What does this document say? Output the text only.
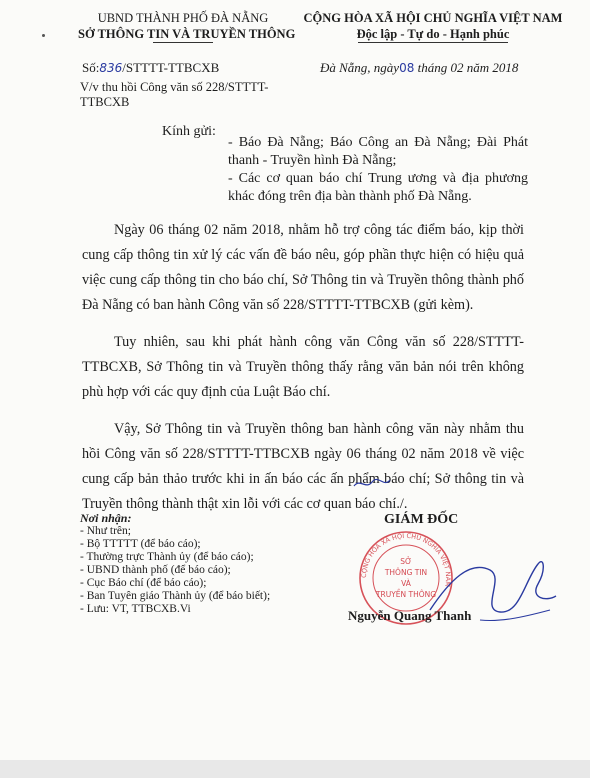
UBND THÀNH PHỐ ĐÀ NẴNG
SỞ THÔNG TIN VÀ TRUYỀN THÔNG
CỘNG HÒA XÃ HỘI CHỦ NGHĨA VIỆT NAM
Độc lập - Tự do - Hạnh phúc
Số:836/STTTT-TTBCXB	Đà Nẵng, ngày08 tháng 02 năm 2018
V/v thu hồi Công văn số 228/STTTT-TTBCXB
Kính gửi:

- Báo Đà Nẵng; Báo Công an Đà Nẵng; Đài Phát thanh - Truyền hình Đà Nẵng;

- Các cơ quan báo chí Trung ương và địa phương khác đóng trên địa bàn thành phố Đà Nẵng.

Ngày 06 tháng 02 năm 2018, nhằm hỗ trợ công tác điểm báo, kịp thời cung cấp thông tin xử lý các vấn đề báo nêu, góp phần thực hiện có hiệu quả việc cung cấp thông tin cho báo chí, Sở Thông tin và Truyền thông thành phố Đà Nẵng có ban hành Công văn số 228/STTTT-TTBCXB (gửi kèm).

Tuy nhiên, sau khi phát hành công văn Công văn số 228/STTTT-TTBCXB, Sở Thông tin và Truyền thông thấy rằng văn bản nói trên không phù hợp với các quy định của Luật Báo chí.

Vậy, Sở Thông tin và Truyền thông ban hành công văn này nhằm thu hồi Công văn số 228/STTTT-TTBCXB ngày 06 tháng 02 năm 2018 về việc cung cấp bản thảo trước khi in ấn báo các ấn phẩm báo chí; Sở thông tin và Truyền thông thành thật xin lỗi với các cơ quan báo chí./.

Nơi nhận:
- Như trên;
- Bộ TTTTT (để báo cáo);
- Thường trực Thành ủy (để báo cáo);
- UBND thành phố (để báo cáo);
- Cục Báo chí (để báo cáo);
- Ban Tuyên giáo Thành ủy (để báo biết);
- Lưu: VT, TTBCXB.Vi
GIÁM ĐỐC
CỘNG HÒA XÃ HỘI CHỦ NGHĨA VIỆT NAM
SỞ
THÔNG TIN
VÀ
TRUYỀN THÔNG
Nguyễn Quang Thanh
